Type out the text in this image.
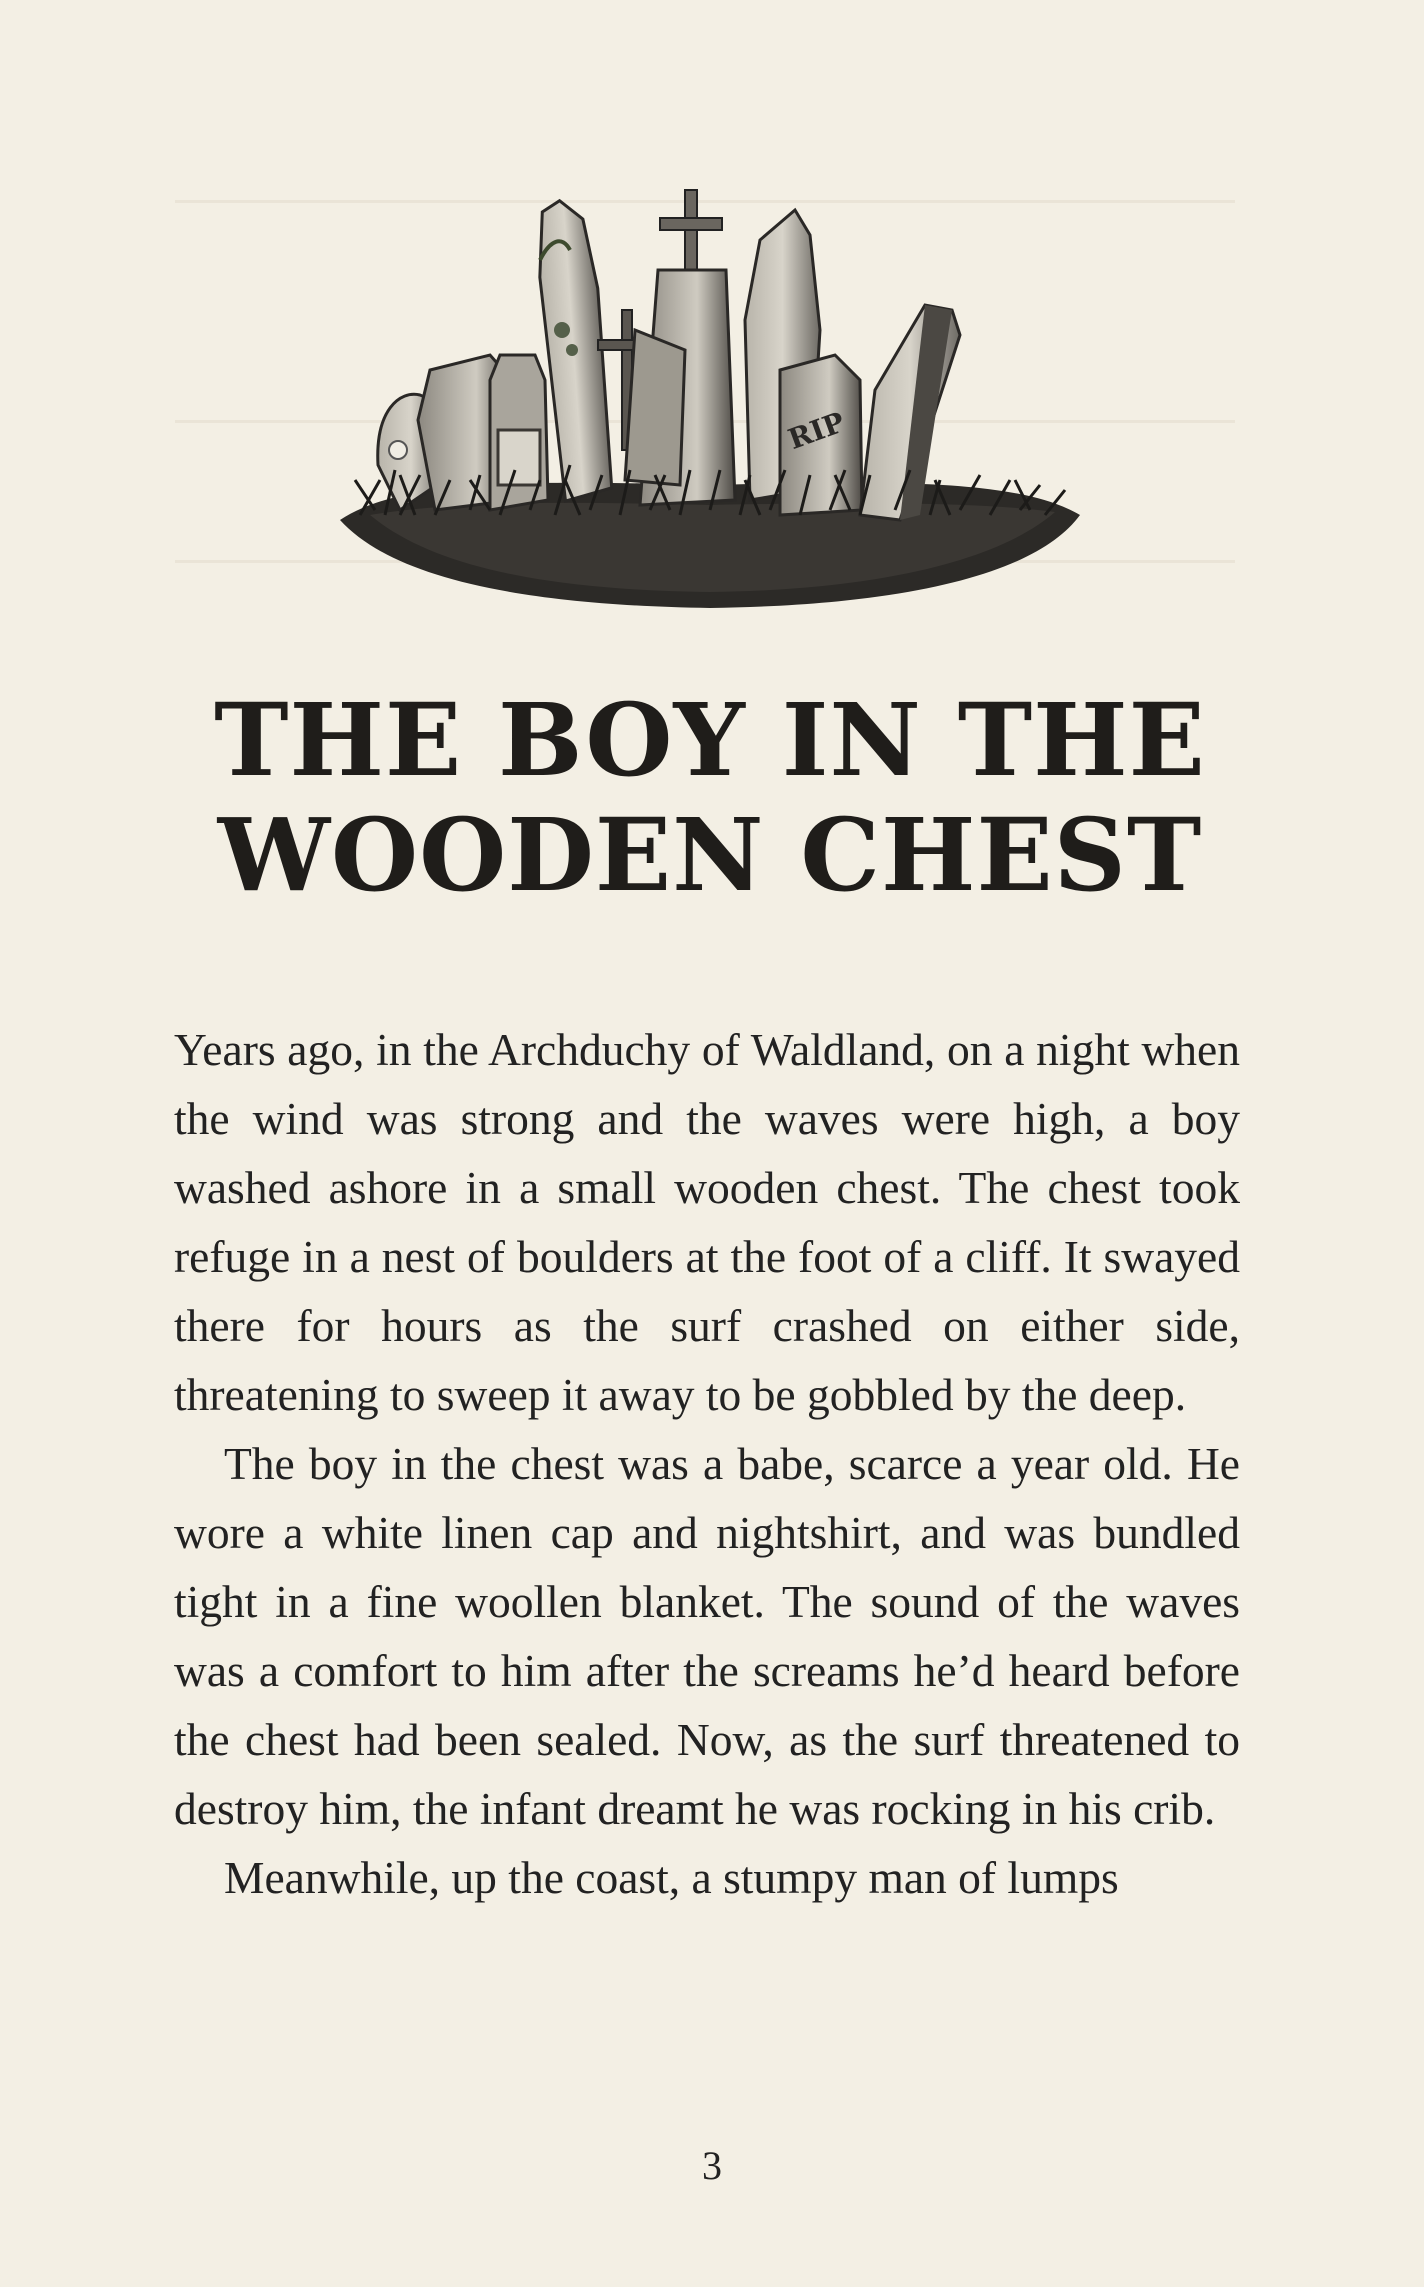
RIP
THE BOY IN THE
WOODEN CHEST

Years ago, in the Archduchy of Waldland, on a night when the wind was strong and the waves were high, a boy washed ashore in a small wooden chest. The chest took refuge in a nest of boulders at the foot of a cliff. It swayed there for hours as the surf crashed on either side, threatening to sweep it away to be gobbled by the deep.

The boy in the chest was a babe, scarce a year old. He wore a white linen cap and nightshirt, and was bundled tight in a fine woollen blanket. The sound of the waves was a comfort to him after the screams he’d heard before the chest had been sealed. Now, as the surf threatened to destroy him, the infant dreamt he was rocking in his crib.

Meanwhile, up the coast, a stumpy man of lumps

3
